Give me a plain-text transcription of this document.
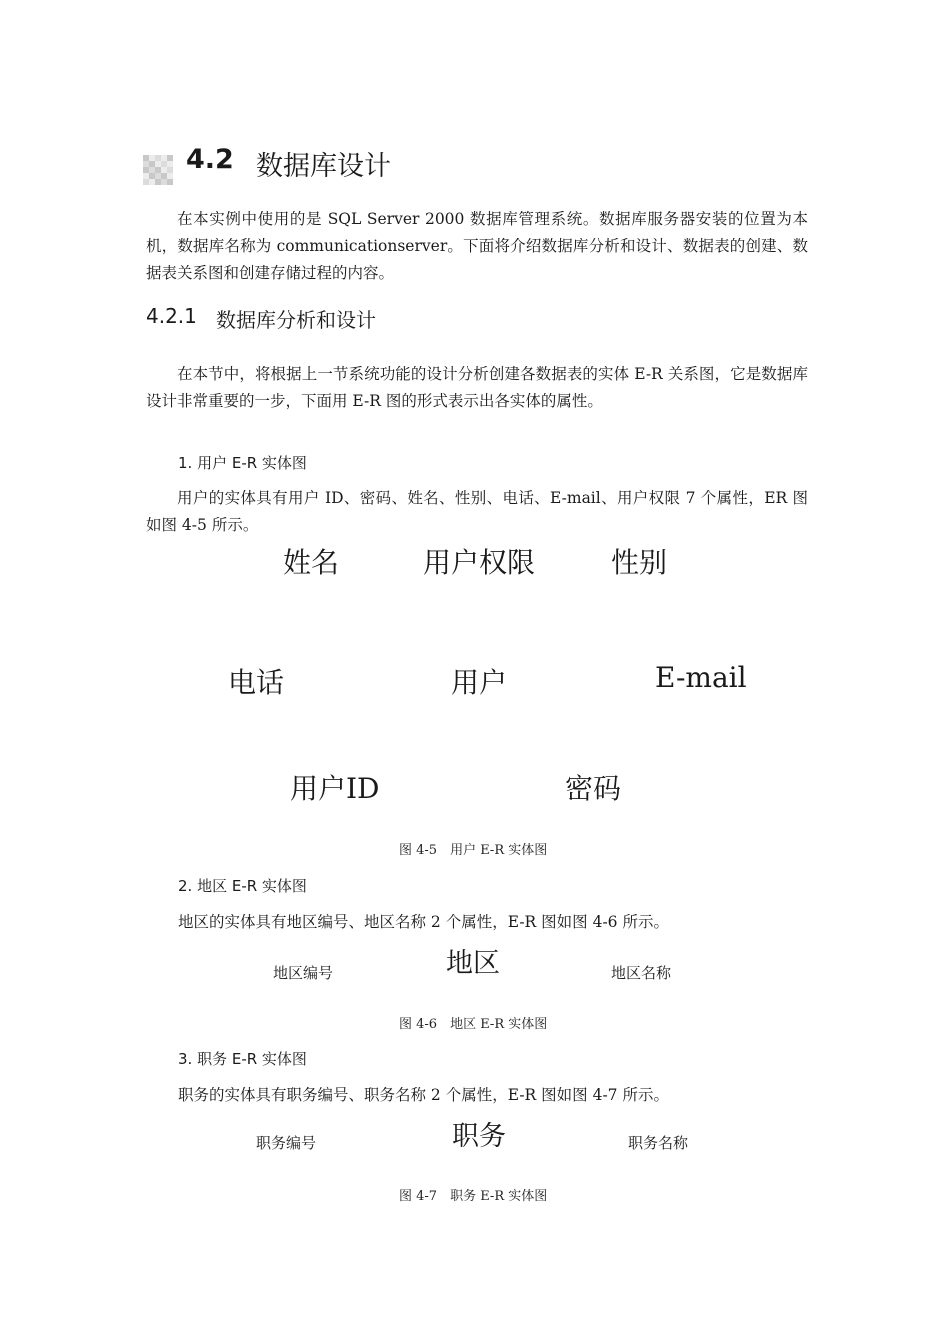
4.2 数据库设计

在本实例中使用的是 SQL Server 2000 数据库管理系统。数据库服务器安装的位置为本机，数据库名称为 communicationserver。下面将介绍数据库分析和设计、数据表的创建、数据表关系图和创建存储过程的内容。

4.2.1 数据库分析和设计

在本节中，将根据上一节系统功能的设计分析创建各数据表的实体 E-R 关系图，它是数据库设计非常重要的一步，下面用 E-R 图的形式表示出各实体的属性。

1. 用户 E-R 实体图

用户的实体具有用户 ID、密码、姓名、性别、电话、E-mail、用户权限 7 个属性，ER 图如图 4-5 所示。

姓名	用户权限	性别
电话	用户	E-mail
用户ID	密码
图 4-5　用户 E-R 实体图
2. 地区 E-R 实体图
地区的实体具有地区编号、地区名称 2 个属性，E-R 图如图 4-6 所示。
地区编号	地区	地区名称
图 4-6　地区 E-R 实体图
3. 职务 E-R 实体图
职务的实体具有职务编号、职务名称 2 个属性，E-R 图如图 4-7 所示。
职务编号	职务	职务名称
图 4-7　职务 E-R 实体图
